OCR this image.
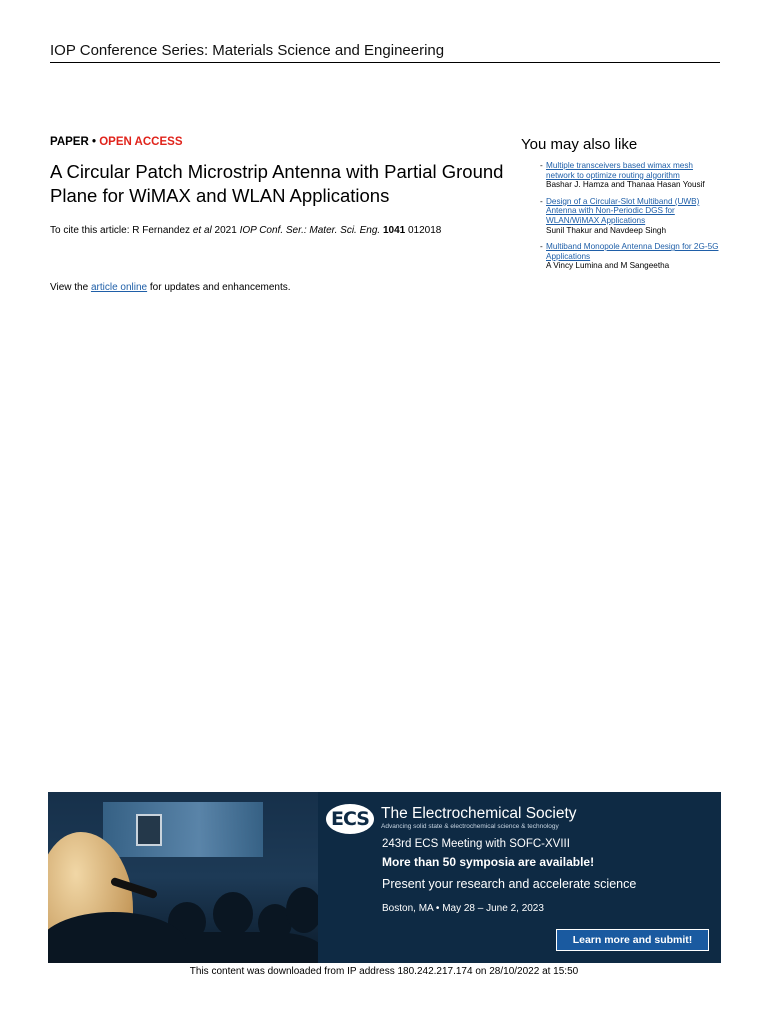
IOP Conference Series: Materials Science and Engineering
PAPER • OPEN ACCESS
A Circular Patch Microstrip Antenna with Partial Ground Plane for WiMAX and WLAN Applications
To cite this article: R Fernandez et al 2021 IOP Conf. Ser.: Mater. Sci. Eng. 1041 012018
View the article online for updates and enhancements.
You may also like
- Multiple transceivers based wimax mesh network to optimize routing algorithm
Bashar J. Hamza and Thanaa Hasan Yousif
- Design of a Circular-Slot Multiband (UWB) Antenna with Non-Periodic DGS for WLAN/WiMAX Applications
Sunil Thakur and Navdeep Singh
- Multiband Monopole Antenna Design for 2G-5G Applications
A Vincy Lumina and M Sangeetha
ECS The Electrochemical Society
Advancing solid state & electrochemical science & technology
243rd ECS Meeting with SOFC-XVIII
More than 50 symposia are available!
Present your research and accelerate science
Boston, MA • May 28 – June 2, 2023
Learn more and submit!
This content was downloaded from IP address 180.242.217.174 on 28/10/2022 at 15:50
